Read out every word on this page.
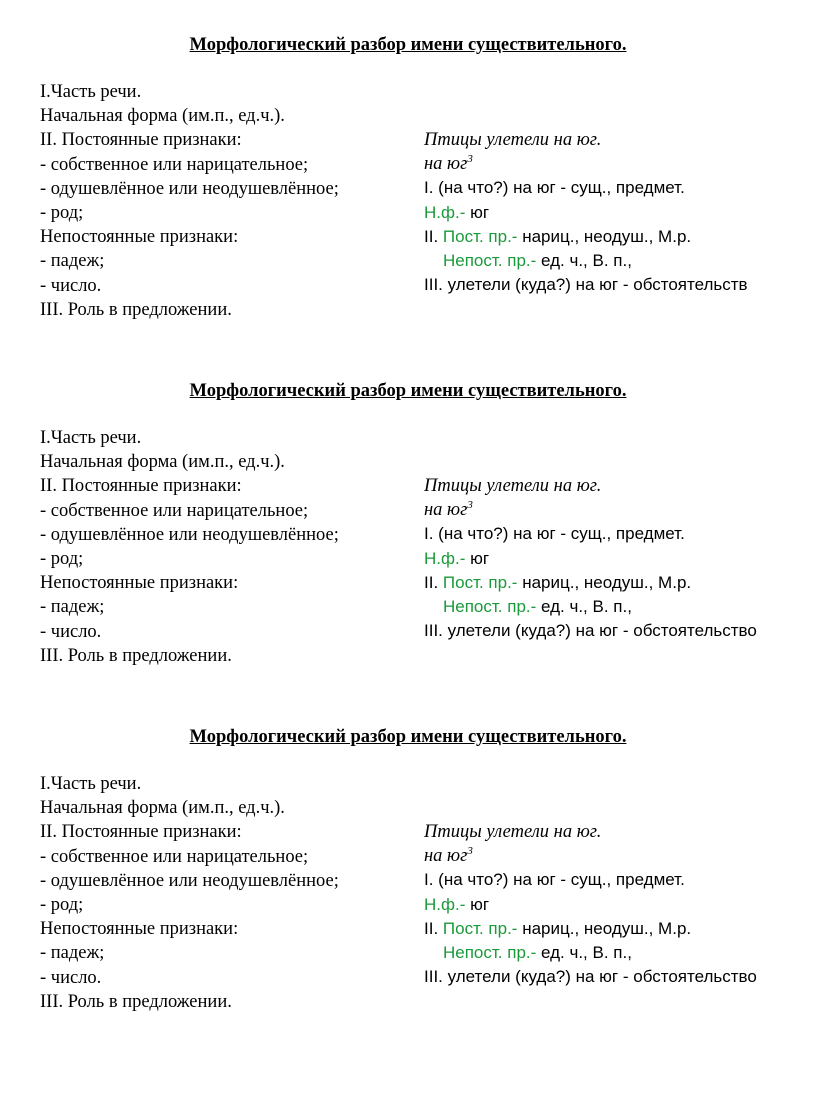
Морфологический разбор имени существительного.
I.Часть речи.
Начальная форма (им.п., ед.ч.).
II. Постоянные признаки:
- собственное или нарицательное;
- одушевлённое или неодушевлённое;
- род;
Непостоянные признаки:
- падеж;
- число.
III. Роль в предложении.
Птицы улетели на юг.
на $юг^3$
I. (на что?) на юг - сущ., предмет.
Н.ф.- юг
II. Пост. пр.- нариц., неодуш., М.р.
Непост. пр.- ед. ч., В. п.,
III. улетели (куда?) на юг - обстоятельств
Морфологический разбор имени существительного.
I.Часть речи.
Начальная форма (им.п., ед.ч.).
II. Постоянные признаки:
- собственное или нарицательное;
- одушевлённое или неодушевлённое;
- род;
Непостоянные признаки:
- падеж;
- число.
III. Роль в предложении.
Птицы улетели на юг.
на $юг^3$
I. (на что?) на юг - сущ., предмет.
Н.ф.- юг
II. Пост. пр.- нариц., неодуш., М.р.
Непост. пр.- ед. ч., В. п.,
III. улетели (куда?) на юг - обстоятельство
Морфологический разбор имени существительного.
I.Часть речи.
Начальная форма (им.п., ед.ч.).
II. Постоянные признаки:
- собственное или нарицательное;
- одушевлённое или неодушевлённое;
- род;
Непостоянные признаки:
- падеж;
- число.
III. Роль в предложении.
Птицы улетели на юг.
на $юг^3$
I. (на что?) на юг - сущ., предмет.
Н.ф.- юг
II. Пост. пр.- нариц., неодуш., М.р.
Непост. пр.- ед. ч., В. п.,
III. улетели (куда?) на юг - обстоятельство
